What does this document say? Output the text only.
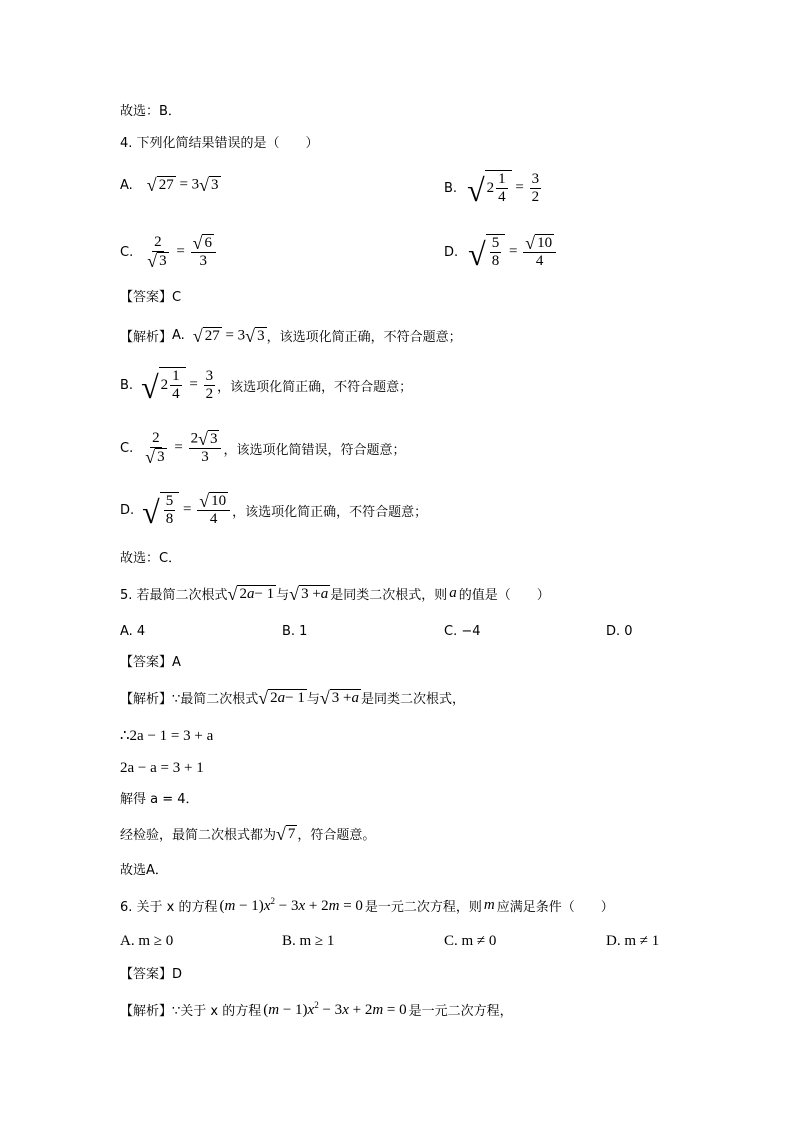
故选：B．
4. 下列化简结果错误的是（　　）
A. √ 27 = 3 √ 3	B. √ $2 \frac{1}{4} = \frac{3}{2}$
C. $\frac{2}{√ 3} = \frac{√ 6}{3}$	D. √ $\frac{5}{8} = \frac{√ 10}{4}$
【答案】C
【解析】 A. √ 27 = 3 √ 3 ，该选项化简正确，不符合题意；
B. √ $2 \frac{1}{4} = \frac{3}{2}$ ，该选项化简正确，不符合题意；
C. $\frac{2}{√ 3} = \frac{2 √ 3}{3}$ ，该选项化简错误，符合题意；
D. √ $\frac{5}{8} = \frac{√ 10}{4}$ ，该选项化简正确，不符合题意；
故选：C．
5. 若最简二次根式 √ 2 a − 1 与 √ 3 + a 是同类二次根式，则 a 的值是（　　）
A. 4	B. 1	C. −4	D. 0
【答案】A
【解析】∵最简二次根式 √ 2 a − 1 与 √ 3 + a 是同类二次根式，
∴2a − 1 = 3 + a
2a − a = 3 + 1
解得 a = 4．
经检验，最简二次根式都为 √ 7 ，符合题意。
故选A．
6. 关于 x 的方程 $(m - 1)x^2 - 3x + 2m = 0$ 是一元二次方程，则 m 应满足条件（　　）
A. m ≥ 0	B. m ≥ 1	C. m ≠ 0	D. m ≠ 1
【答案】D
【解析】∵关于 x 的方程 $(m - 1)x^2 - 3x + 2m = 0$ 是一元二次方程，
